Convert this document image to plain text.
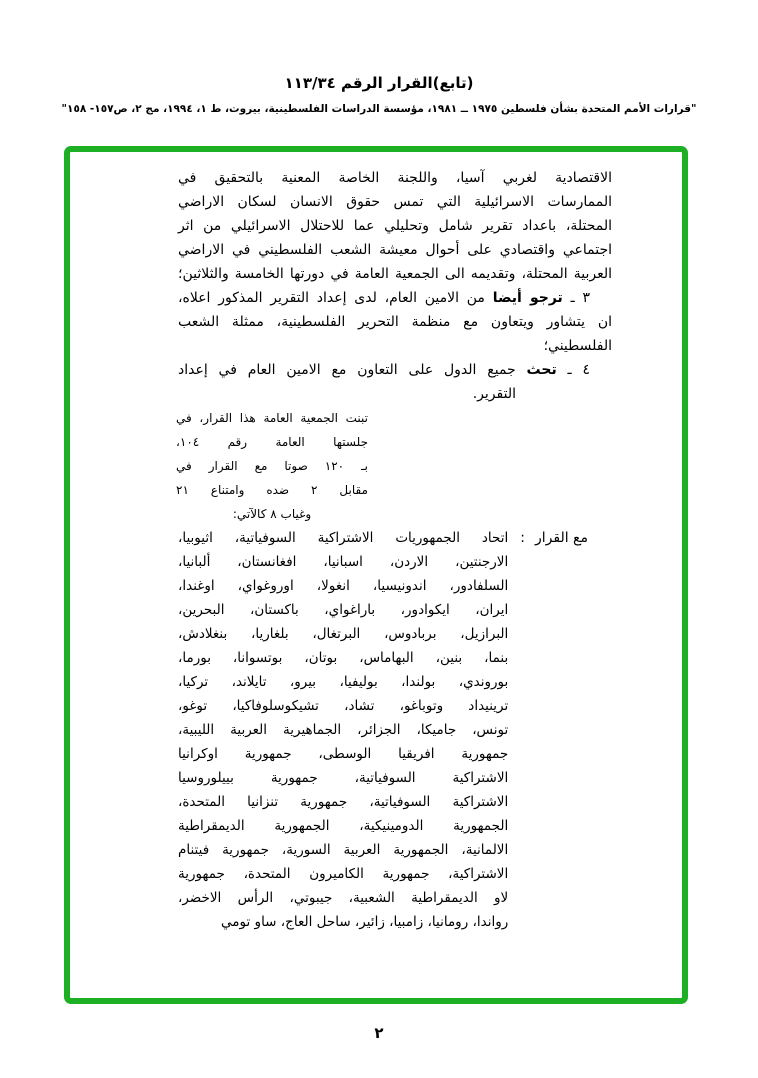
(تابع)القرار الرقم ١١٣/٣٤
"قرارات الأمم المتحدة بشأن فلسطين ١٩٧٥ ــ ١٩٨١، مؤسسة الدراسات الفلسطينية، بيروت، ط ١، ١٩٩٤، مج ٢، ص١٥٧- ١٥٨"
الاقتصادية لغربي آسيا، واللجنة الخاصة المعنية بالتحقيق في
الممارسات الاسرائيلية التي تمس حقوق الانسان لسكان الاراضي
المحتلة، باعداد تقرير شامل وتحليلي عما للاحتلال الاسرائيلي من اثر
اجتماعي واقتصادي على أحوال معيشة الشعب الفلسطيني في الاراضي
العربية المحتلة، وتقديمه الى الجمعية العامة في دورتها الخامسة والثلاثين؛
٣ ـ ترجو أيضا من الامين العام، لدى إعداد التقرير المذكور اعلاه،
ان يتشاور ويتعاون مع منظمة التحرير الفلسطينية، ممثلة الشعب
الفلسطيني؛
٤ ـ تحث جميع الدول على التعاون مع الامين العام في إعداد
التقرير.
تبنت الجمعية العامة هذا القرار، في
جلستها العامة رقم ١٠٤،
بـ ١٢٠ صوتا مع القرار في
مقابل ٢ ضده وامتناع ٢١
وغياب ٨ كالآتي:
مع القرار:
اتحاد الجمهوريات الاشتراكية السوفياتية، اثيوبيا،
الارجنتين، الاردن، اسبانيا، افغانستان، ألبانيا،
السلفادور، اندونيسيا، انغولا، اوروغواي، اوغندا،
ايران، ايكوادور، باراغواي، باكستان، البحرين،
البرازيل، بربادوس، البرتغال، بلغاريا، بنغلادش،
بنما، بنين، البهاماس، بوتان، بوتسوانا، بورما،
بوروندي، بولندا، بوليفيا، بيرو، تايلاند، تركيا،
ترينيداد وتوباغو، تشاد، تشيكوسلوفاكيا، توغو،
تونس، جاميكا، الجزائر، الجماهيرية العربية الليبية،
جمهورية افريقيا الوسطى، جمهورية اوكرانيا
الاشتراكية السوفياتية، جمهورية بييلوروسيا
الاشتراكية السوفياتية، جمهورية تنزانيا المتحدة،
الجمهورية الدومينيكية، الجمهورية الديمقراطية
الالمانية، الجمهورية العربية السورية، جمهورية فيتنام
الاشتراكية، جمهورية الكاميرون المتحدة، جمهورية
لاو الديمقراطية الشعبية، جيبوتي، الرأس الاخضر،
رواندا، رومانيا، زامبيا، زائير، ساحل العاج، ساو تومي
٢
